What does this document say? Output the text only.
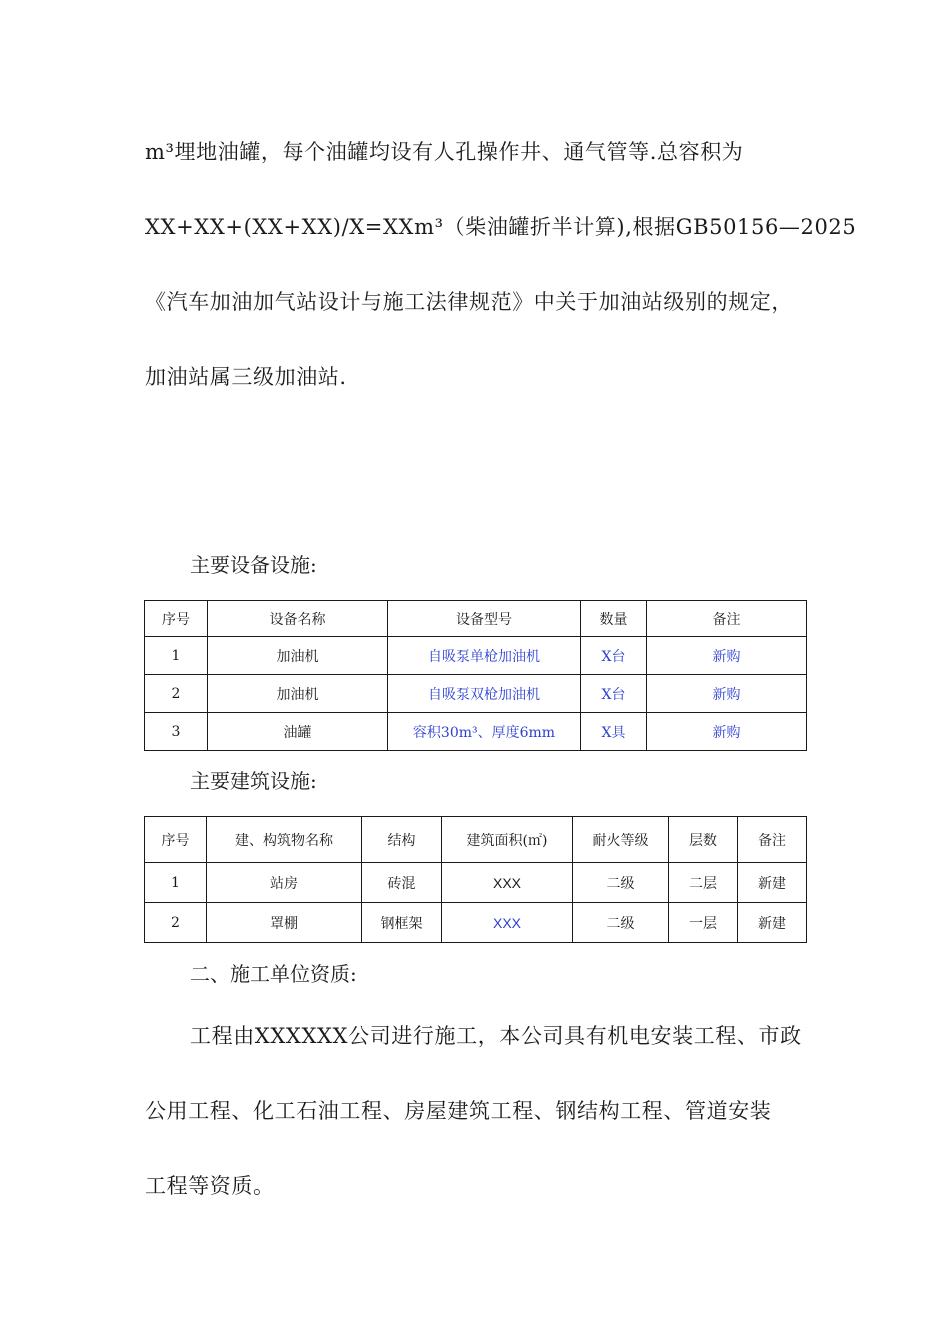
m³埋地油罐，每个油罐均设有人孔操作井、通气管等.总容积为
XX+XX+(XX+XX)/X=XXm³（柴油罐折半计算),根据GB50156—2025
《汽车加油加气站设计与施工法律规范》中关于加油站级别的规定，
加油站属三级加油站.
主要设备设施:
序号	设备名称	设备型号	数量	备注
1	加油机	自吸泵单枪加油机	X台	新购
2	加油机	自吸泵双枪加油机	X台	新购
3	油罐	容积30m³、厚度6mm	X具	新购
主要建筑设施:
序号	建、构筑物名称	结构	建筑面积(㎡)	耐火等级	层数	备注
1	站房	砖混	XXX	二级	二层	新建
2	罩棚	钢框架	XXX	二级	一层	新建
二、施工单位资质:
工程由XXXXXX公司进行施工，本公司具有机电安装工程、市政
公用工程、化工石油工程、房屋建筑工程、钢结构工程、管道安装
工程等资质。
